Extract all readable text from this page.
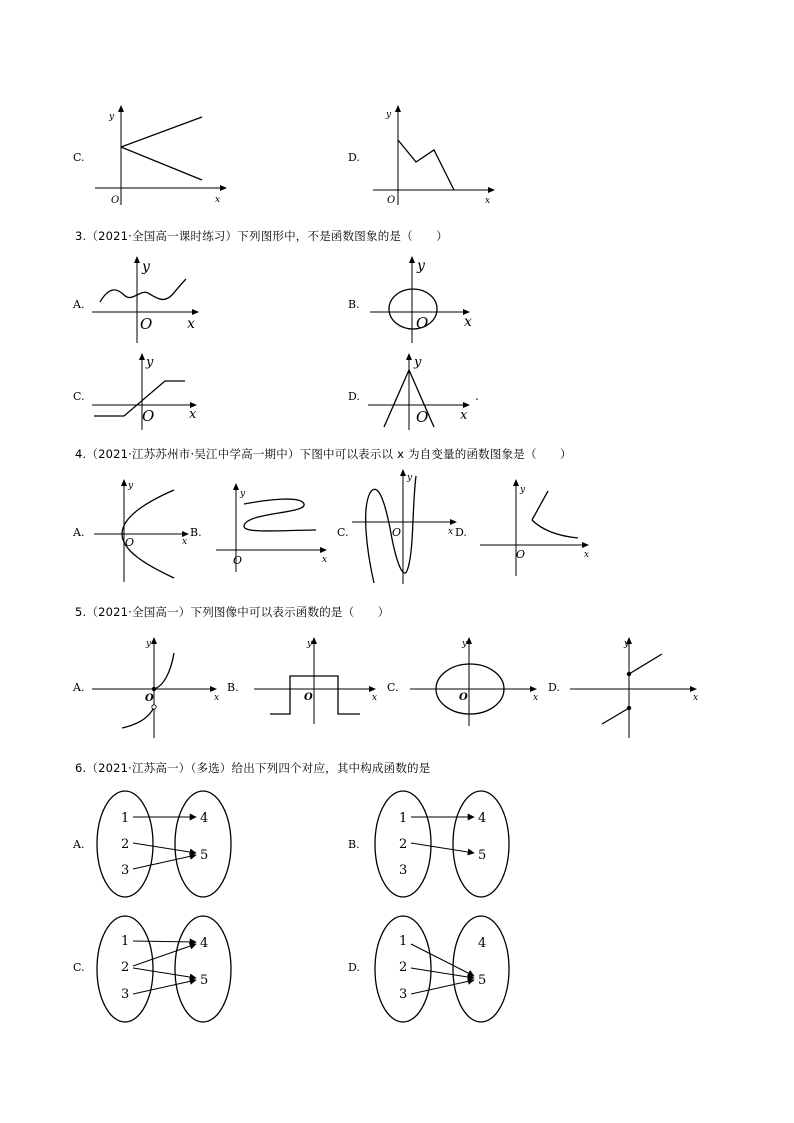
C.
O
y
x
D.
O
y
x
3.（2021·全国高一课时练习）下列图形中，不是函数图象的是（　　）
A.
O
y
x
B.
O
y
x
C.
O
y
x
D.
O
y
x
.
4.（2021·江苏苏州市·吴江中学高一期中）下图中可以表示以 x 为自变量的函数图象是（　　）
A.
O
y
x
B.
O
y
x
C.	O
y
x D.
O
y
x
5.（2021·全国高一）下列图像中可以表示函数的是（　　）
A.
O
y
x
B.
O
y
x
C.
O
y
x
D.
y
x
6.（2021·江苏高一）（多选）给出下列四个对应，其中构成函数的是
A.
1
2
3
4
5
B.
1
2
3
4
5
C.
1
2
3
4
5
D.
1
2
3
4
5
